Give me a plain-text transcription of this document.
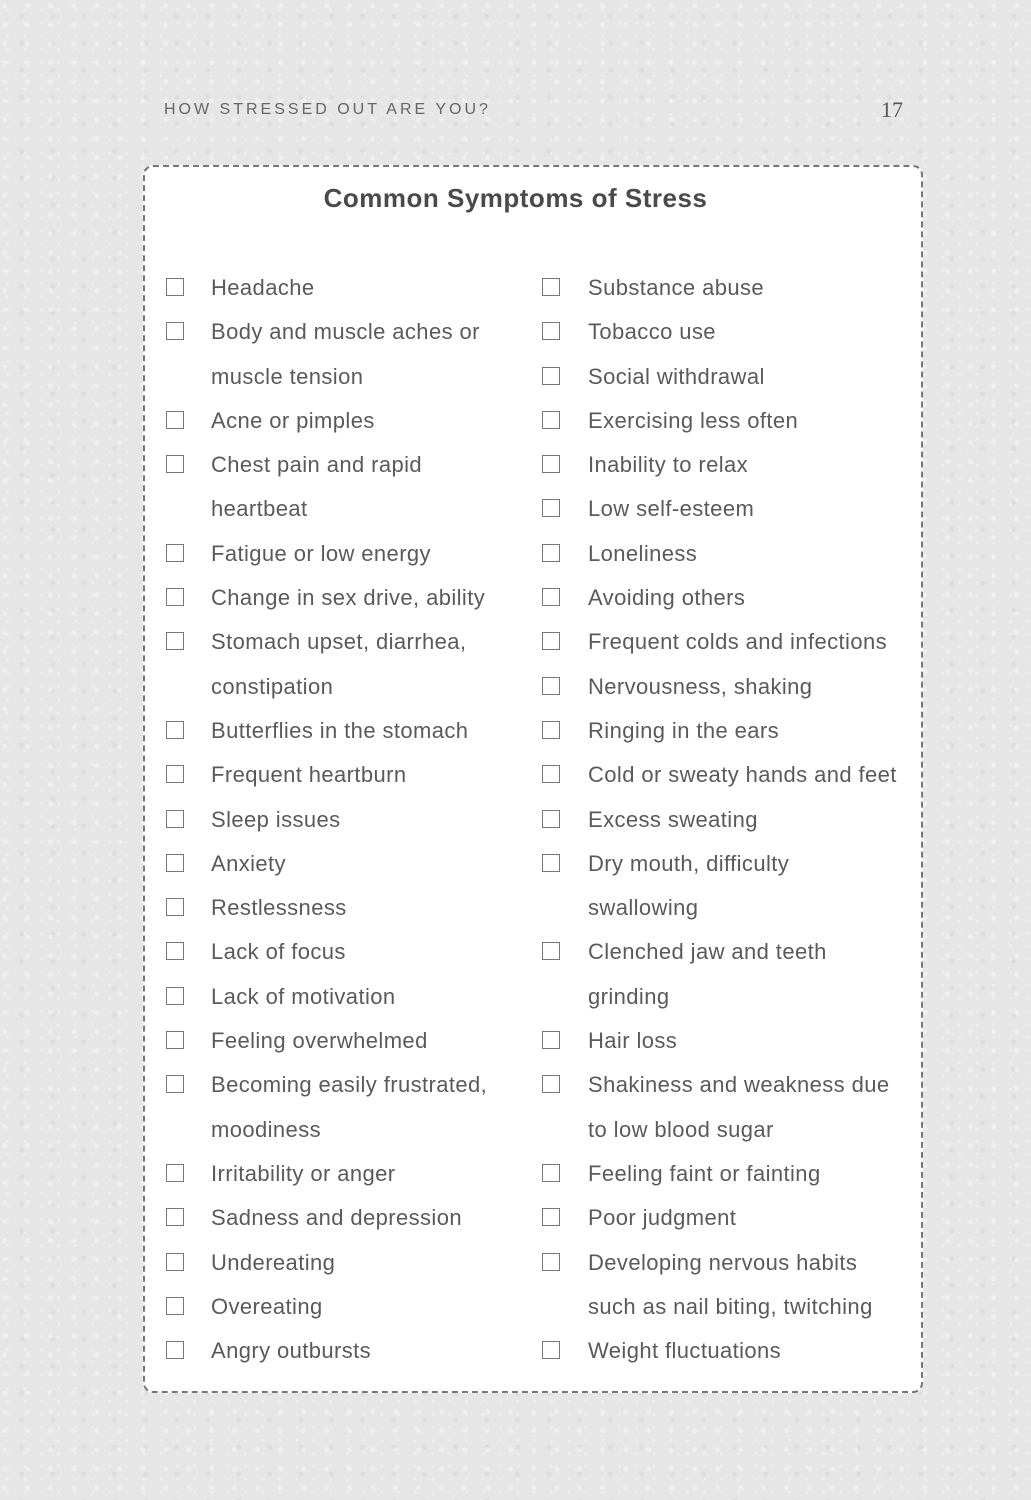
HOW STRESSED OUT ARE YOU?	17
Common Symptoms of Stress
Headache
Body and muscle aches or
muscle tension
Acne or pimples
Chest pain and rapid
heartbeat
Fatigue or low energy
Change in sex drive, ability
Stomach upset, diarrhea,
constipation
Butterflies in the stomach
Frequent heartburn
Sleep issues
Anxiety
Restlessness
Lack of focus
Lack of motivation
Feeling overwhelmed
Becoming easily frustrated,
moodiness
Irritability or anger
Sadness and depression
Undereating
Overeating
Angry outbursts
Substance abuse
Tobacco use
Social withdrawal
Exercising less often
Inability to relax
Low self-esteem
Loneliness
Avoiding others
Frequent colds and infections
Nervousness, shaking
Ringing in the ears
Cold or sweaty hands and feet
Excess sweating
Dry mouth, difficulty
swallowing
Clenched jaw and teeth
grinding
Hair loss
Shakiness and weakness due
to low blood sugar
Feeling faint or fainting
Poor judgment
Developing nervous habits
such as nail biting, twitching
Weight fluctuations
